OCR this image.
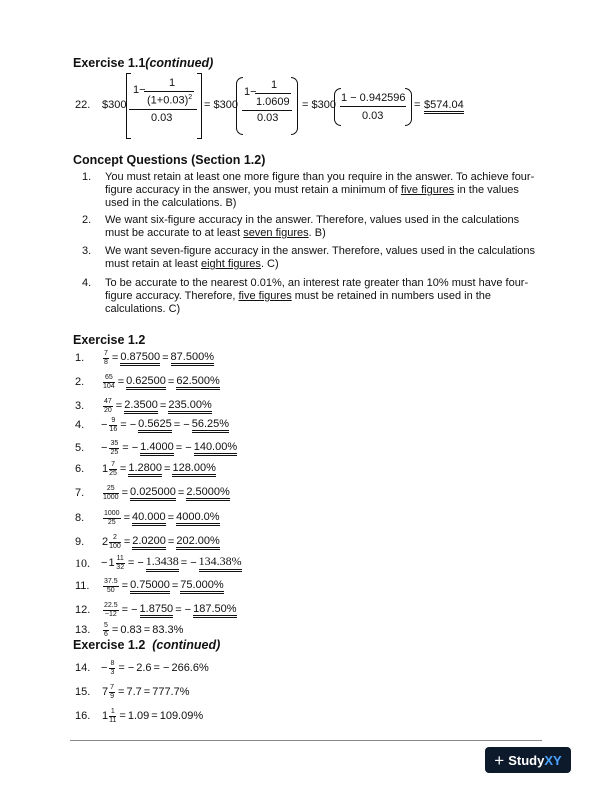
Exercise 1.1(continued)
22. $300
1−
1
$(1+0.03)^2$
0.03
= $300
1−
1
1.0609
0.03
= $300
1 − 0.942596
0.03
= $574.04
Concept Questions (Section 1.2)
1. You must retain at least one more figure than you require in the answer. To achieve four-
figure accuracy in the answer, you must retain a minimum of five figures in the values
used in the calculations. B)
2. We want six-figure accuracy in the answer. Therefore, values used in the calculations
must be accurate to at least seven figures. B)
3. We want seven-figure accuracy in the answer. Therefore, values used in the calculations
must retain at least eight figures. C)
4. To be accurate to the nearest 0.01%, an interest rate greater than 10% must have four-
figure accuracy. Therefore, five figures must be retained in numbers used in the
calculations. C)
Exercise 1.2
1.	$\frac{7}{8} = 0.87500 = 87.500\%$
2.	$\frac{65}{104} = 0.62500 = 62.500\%$
3.	$\frac{47}{20} = 2.3500 = 235.00\%$
4.	− $\frac{9}{16}$ = − 0.5625 = − 56.25%
5.	− $\frac{35}{25}$ = − 1.4000 = − 140.00%
6.	$1 \frac{7}{25} = 1.2800 = 128.00\%$
7.	$\frac{25}{1000} = 0.025000 = 2.5000\%$
8.	$\frac{1000}{25} = 40.000 = 4000.0\%$
9.	$2 \frac{2}{100} = 2.0200 = 202.00\%$
10.	− $1 \frac{11}{32}$ = − 1.3438 = − 134.38%
11.	$\frac{37.5}{50} = 0.75000 = 75.000\%$
12.	$\frac{22.5}{-12}$ = − 1.8750 = − 187.50%
13.	$\frac{5}{6} = 0.83 = 83.3\%$
Exercise 1.2 (continued)
14. − $\frac{8}{3}$ = − 2.6 = − 266.6%
15.	$7 \frac{7}{9} = 7.7 = 777.7\%$
16.	$1 \frac{1}{11} = 1.09 = 109.09\%$
+ Study XY
